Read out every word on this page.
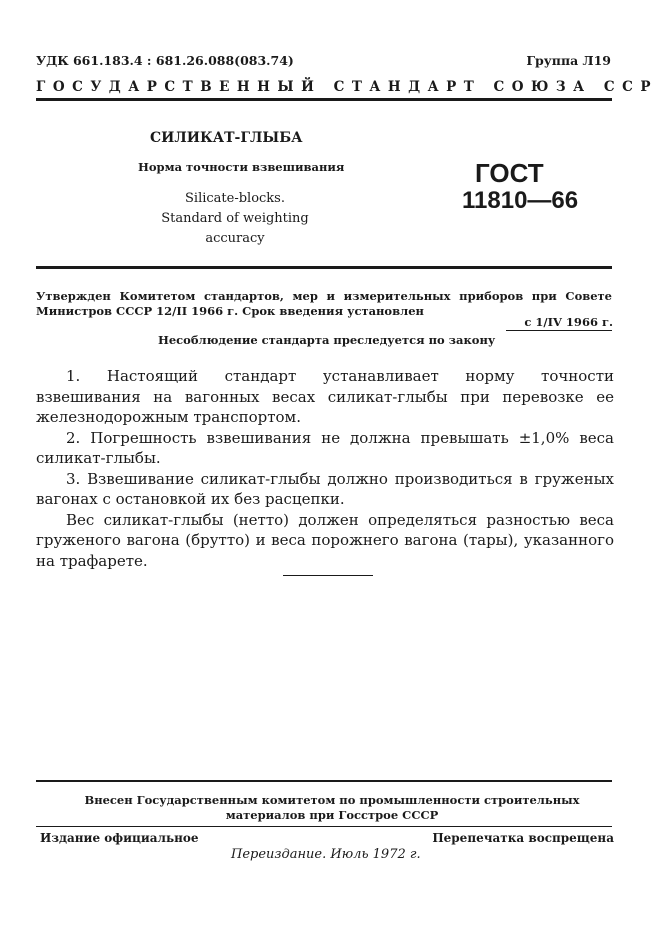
УДК 661.183.4 : 681.26.088(083.74)	Группа Л19
ГОСУДАРСТВЕННЫЙ СТАНДАРТ СОЮЗА ССР
СИЛИКАТ-ГЛЫБА
Норма точности взвешивания
Silicate-blocks.
Standard of weighting
accuracy
ГОСТ
11810—66
Утвержден Комитетом стандартов, мер и измерительных приборов при Совете Министров СССР 12/II 1966 г. Срок введения установлен
с 1/IV 1966 г.
Несоблюдение стандарта преследуется по закону

1. Настоящий стандарт устанавливает норму точности взвешивания на вагонных весах силикат-глыбы при перевозке ее железнодорожным транспортом.

2. Погрешность взвешивания не должна превышать ±1,0% веса силикат-глыбы.

3. Взвешивание силикат-глыбы должно производиться в груженых вагонах с остановкой их без расцепки.

Вес силикат-глыбы (нетто) должен определяться разностью веса груженого вагона (брутто) и веса порожнего вагона (тары), указанного на трафарете.

Внесен Государственным комитетом по промышленности строительных материалов при Госстрое СССР
Издание официальное	Перепечатка воспрещена
Переиздание. Июль 1972 г.
